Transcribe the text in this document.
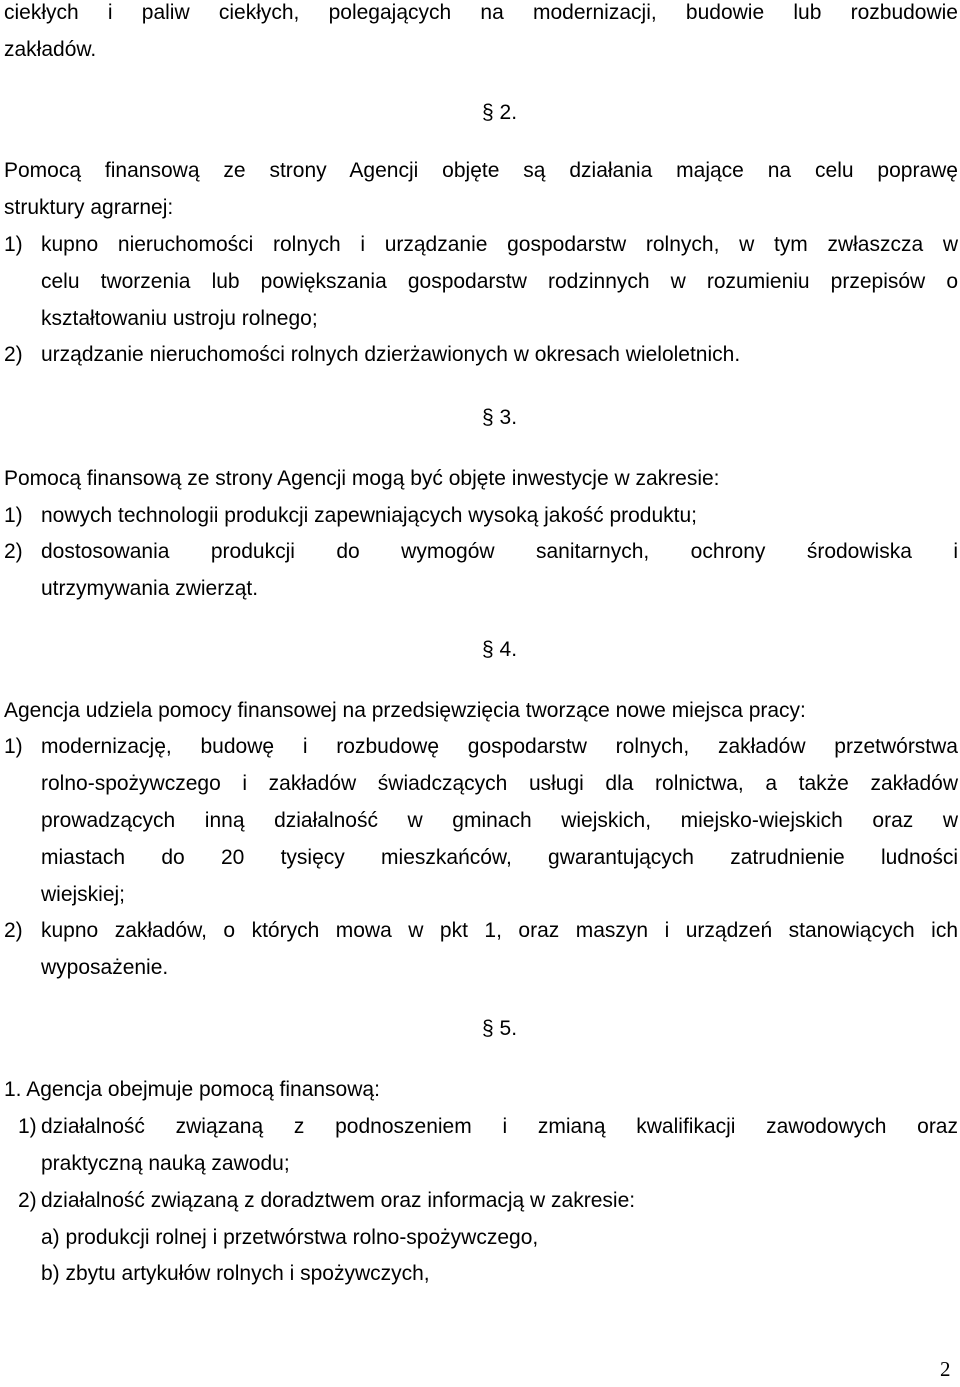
ciekłych i paliw ciekłych, polegających na modernizacji, budowie lub rozbudowie
zakładów.
§ 2.
Pomocą finansową ze strony Agencji objęte są działania mające na celu poprawę
struktury agrarnej:
1) kupno nieruchomości rolnych i urządzanie gospodarstw rolnych, w tym zwłaszcza w
celu tworzenia lub powiększania gospodarstw rodzinnych w rozumieniu przepisów o
kształtowaniu ustroju rolnego;
2) urządzanie nieruchomości rolnych dzierżawionych w okresach wieloletnich.
§ 3.
Pomocą finansową ze strony Agencji mogą być objęte inwestycje w zakresie:
1) nowych technologii produkcji zapewniających wysoką jakość produktu;
2) dostosowania produkcji do wymogów sanitarnych, ochrony środowiska i
utrzymywania zwierząt.
§ 4.
Agencja udziela pomocy finansowej na przedsięwzięcia tworzące nowe miejsca pracy:
1) modernizację, budowę i rozbudowę gospodarstw rolnych, zakładów przetwórstwa
rolno-spożywczego i zakładów świadczących usługi dla rolnictwa, a także zakładów
prowadzących inną działalność w gminach wiejskich, miejsko-wiejskich oraz w
miastach do 20 tysięcy mieszkańców, gwarantujących zatrudnienie ludności
wiejskiej;
2) kupno zakładów, o których mowa w pkt 1, oraz maszyn i urządzeń stanowiących ich
wyposażenie.
§ 5.
1. Agencja obejmuje pomocą finansową:
1) działalność związaną z podnoszeniem i zmianą kwalifikacji zawodowych oraz
praktyczną nauką zawodu;
2) działalność związaną z doradztwem oraz informacją w zakresie:
a) produkcji rolnej i przetwórstwa rolno-spożywczego,
b) zbytu artykułów rolnych i spożywczych,
2
